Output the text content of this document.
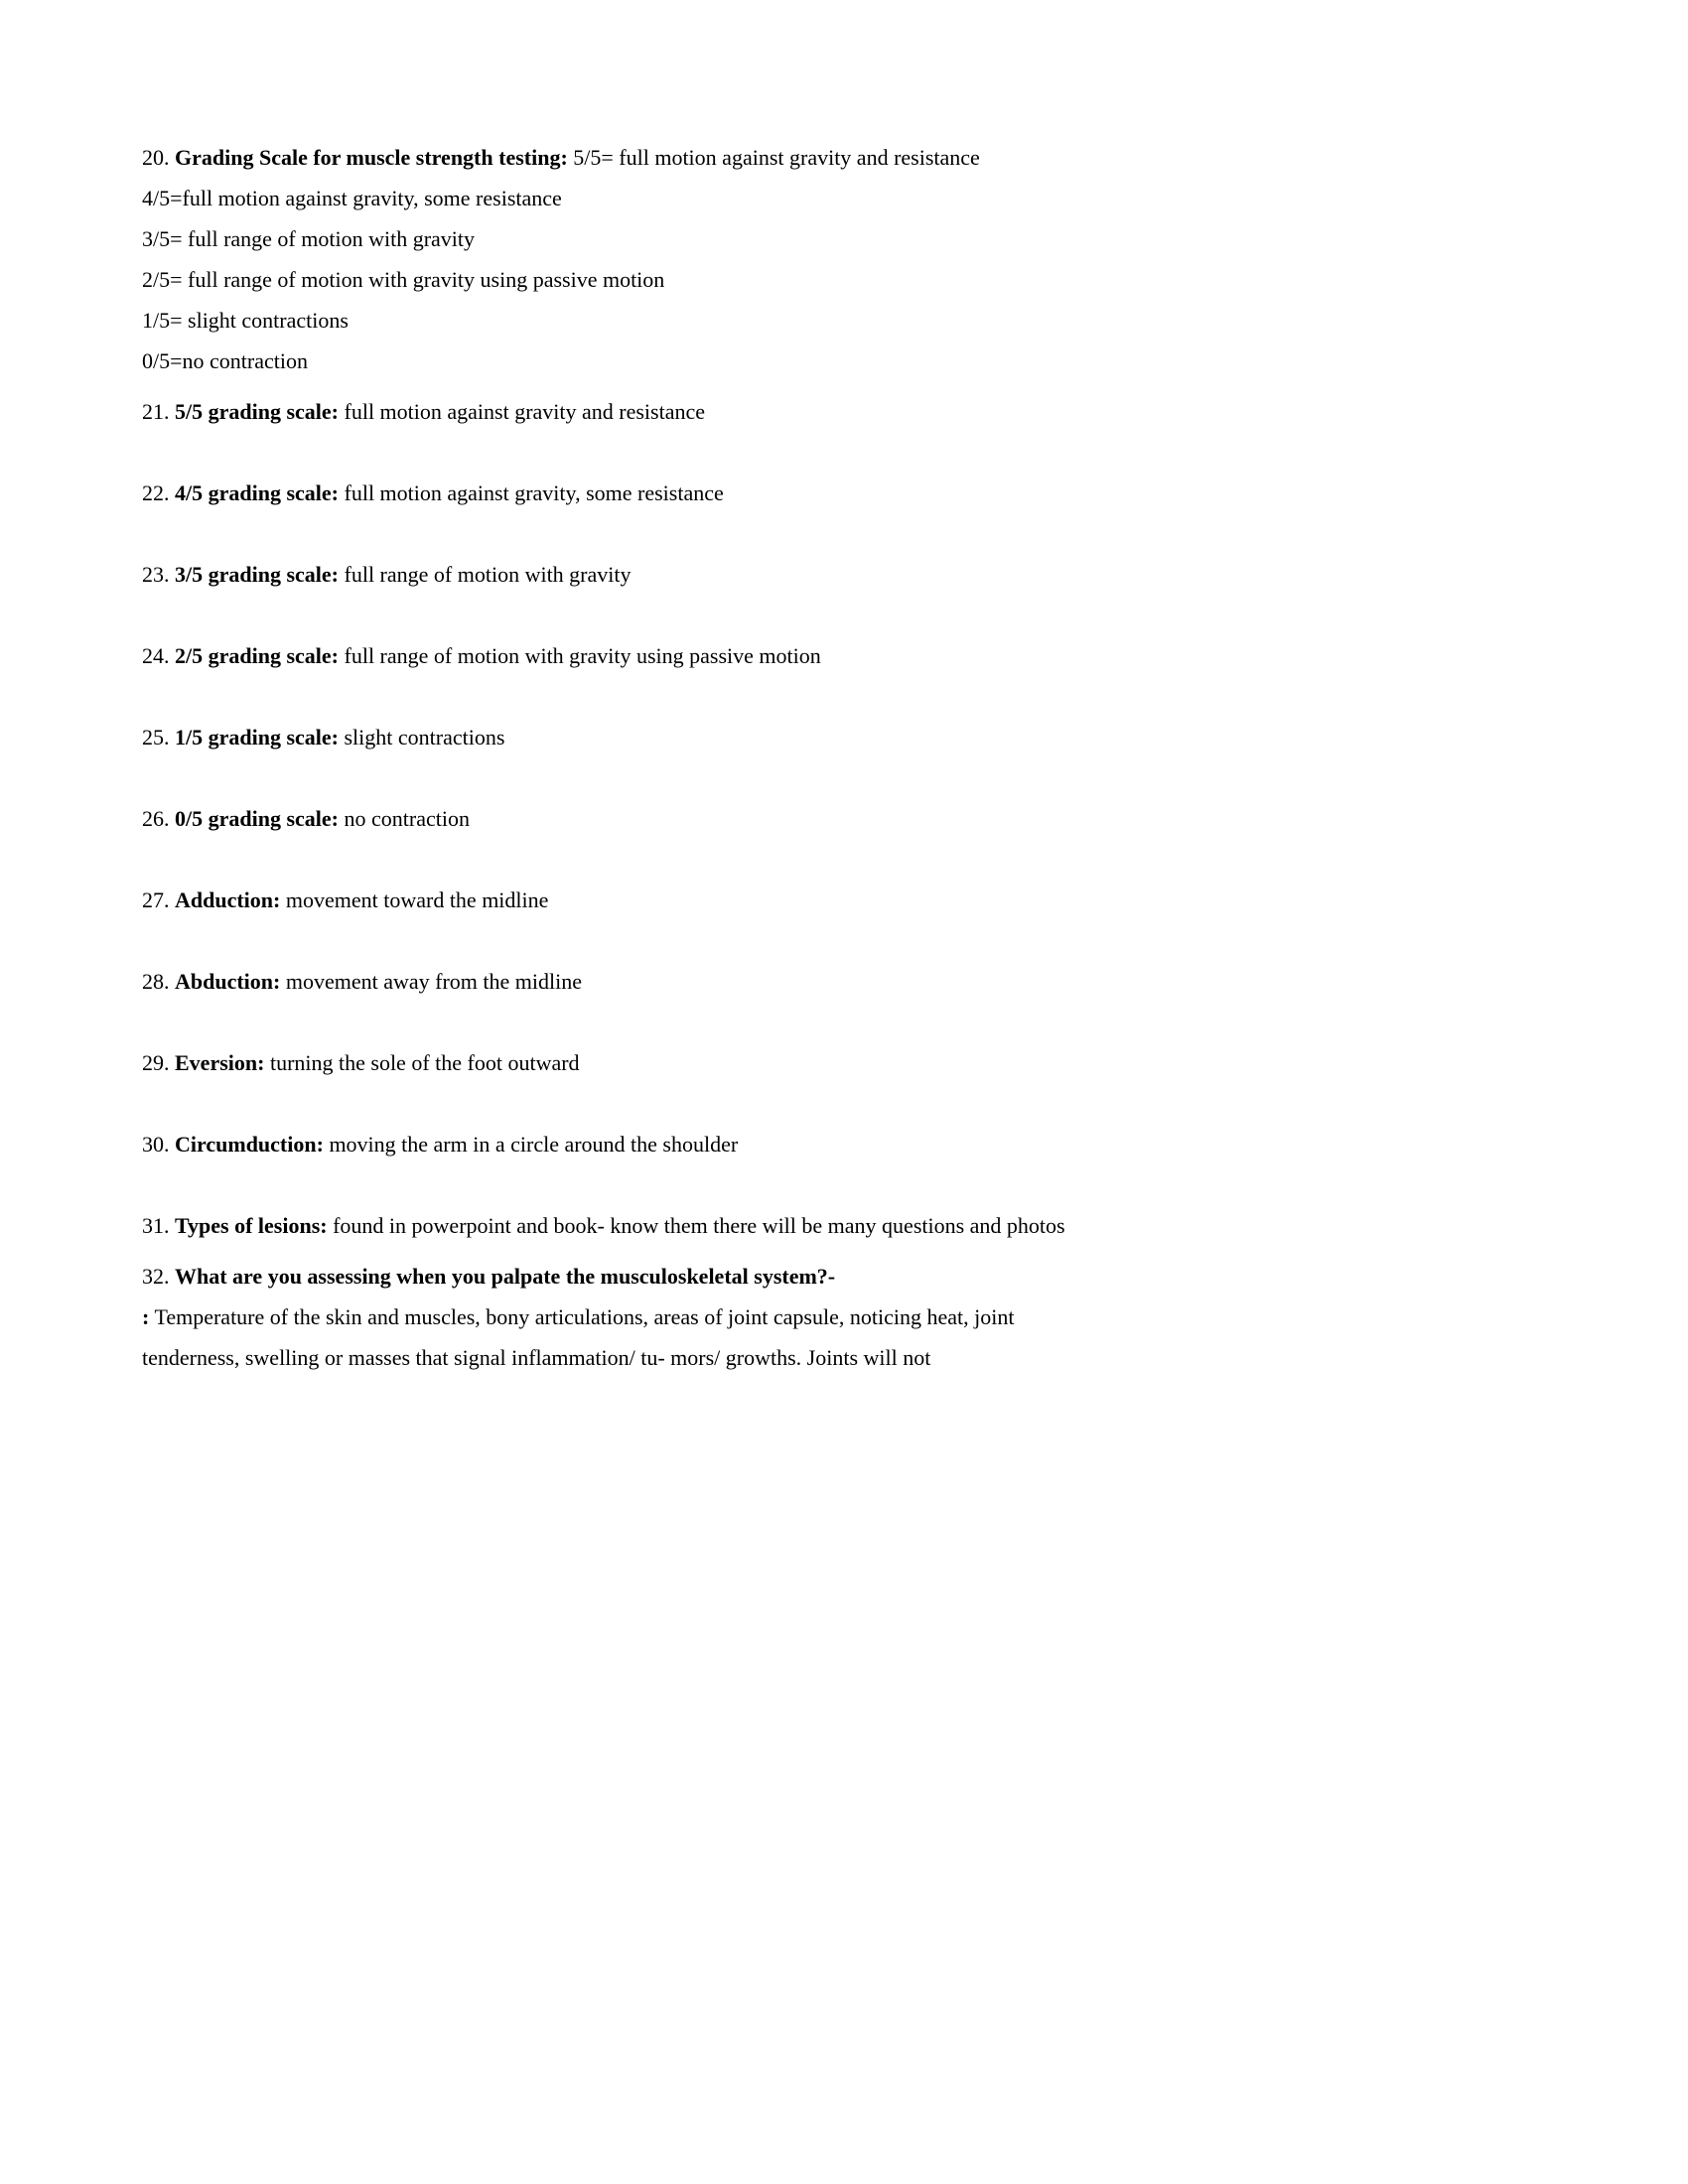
20. Grading Scale for muscle strength testing: 5/5= full motion against gravity and resistance

4/5=full motion against gravity, some resistance

3/5= full range of motion with gravity

2/5= full range of motion with gravity using passive motion

1/5= slight contractions

0/5=no contraction

21. 5/5 grading scale: full motion against gravity and resistance

22. 4/5 grading scale: full motion against gravity, some resistance

23. 3/5 grading scale: full range of motion with gravity

24. 2/5 grading scale: full range of motion with gravity using passive motion

25. 1/5 grading scale: slight contractions

26. 0/5 grading scale: no contraction

27. Adduction: movement toward the midline

28. Abduction: movement away from the midline

29. Eversion: turning the sole of the foot outward

30. Circumduction: moving the arm in a circle around the shoulder

31. Types of lesions: found in powerpoint and book- know them there will be many questions and photos

32. What are you assessing when you palpate the musculoskeletal system?-

: Temperature of the skin and muscles, bony articulations, areas of joint capsule, noticing heat, joint tenderness, swelling or masses that signal inflammation/ tu- mors/ growths. Joints will not
